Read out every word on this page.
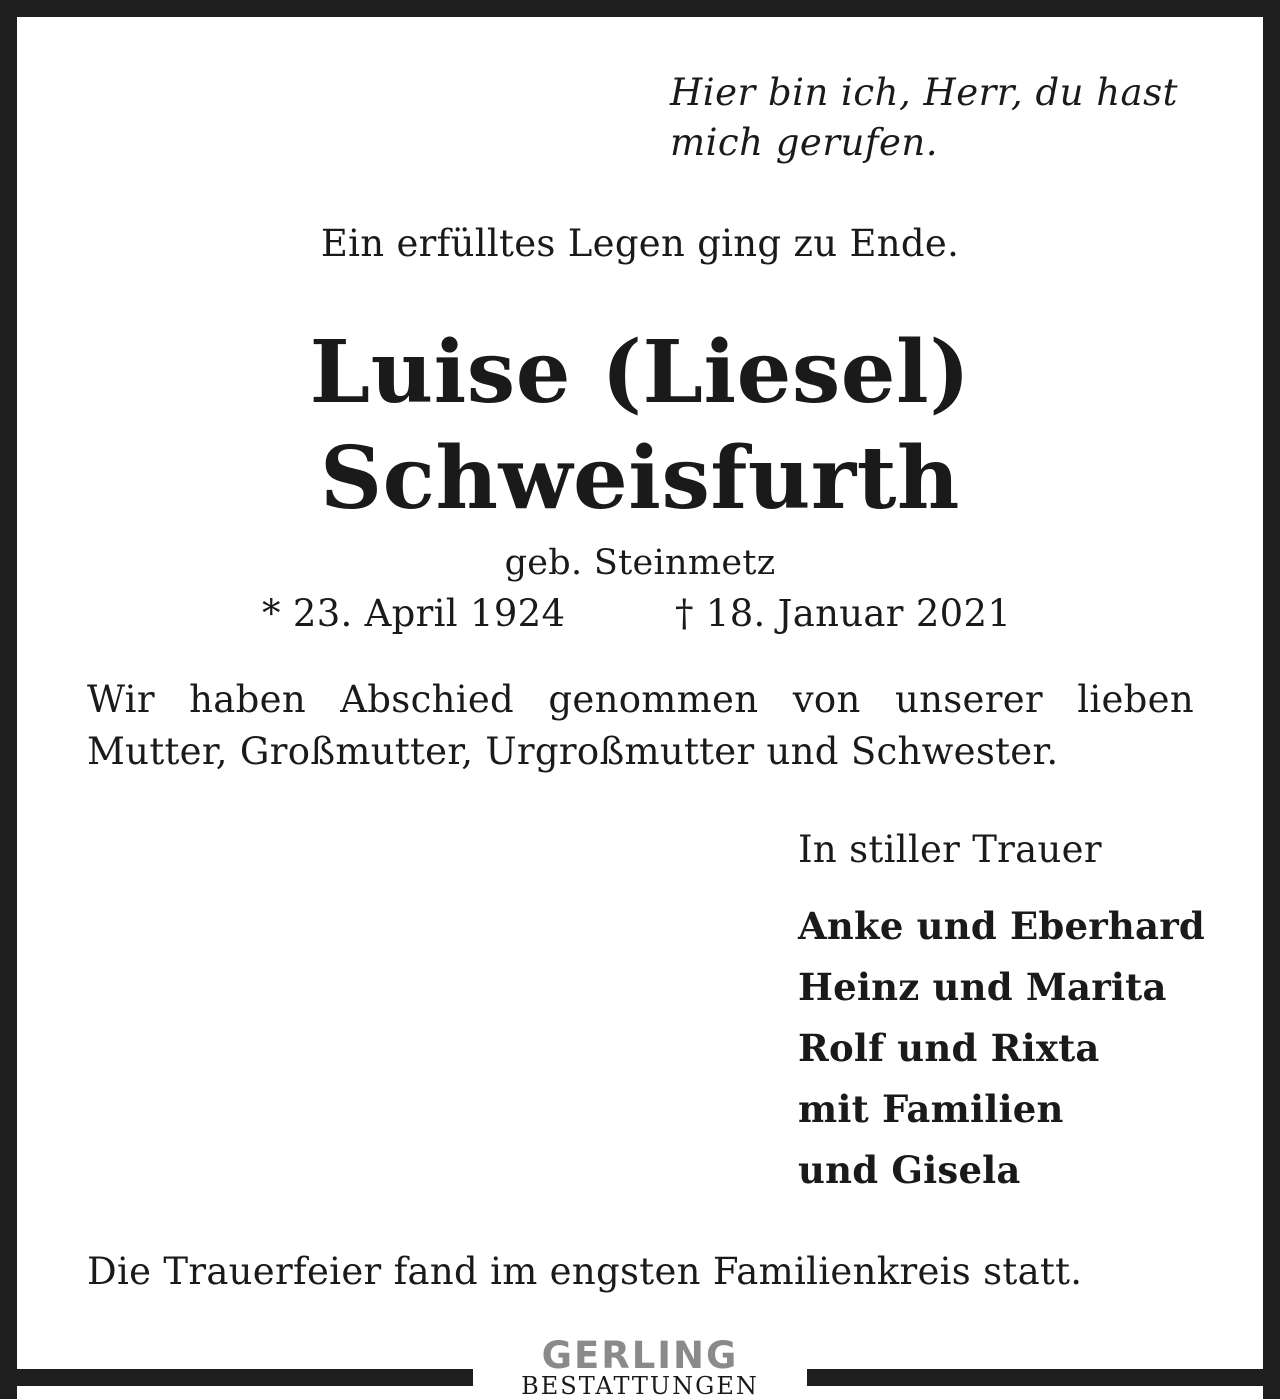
Hier bin ich, Herr, du hast mich gerufen.
Ein erfülltes Legen ging zu Ende.
Luise (Liesel)
Schweisfurth
geb. Steinmetz
* 23. April 1924	† 18. Januar 2021
Wir haben Abschied genommen von unserer lieben Mutter, Großmutter, Urgroßmutter und Schwester.
In stiller Trauer
Anke und Eberhard
Heinz und Marita
Rolf und Rixta
mit Familien
und Gisela
Die Trauerfeier fand im engsten Familienkreis statt.
GERLING
BESTATTUNGEN
